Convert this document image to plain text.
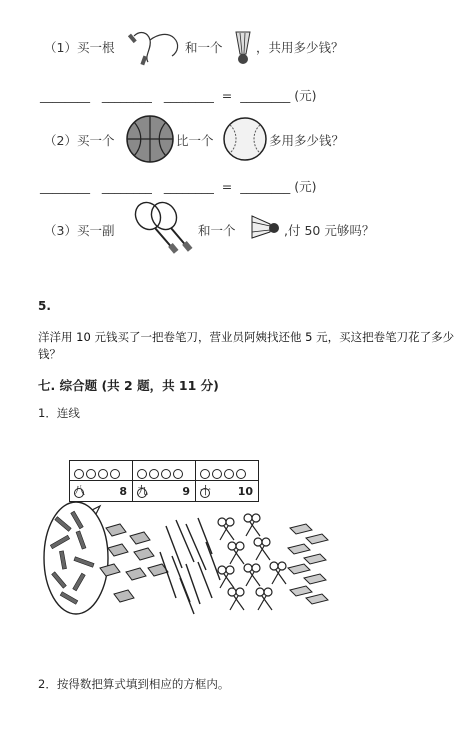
（1）买一根	和一个	，共用多少钱？
________ ________ ________ = ________ (元)
（2）买一个	比一个	多用多少钱？
________ ________ ________ = ________ (元)
（3）买一副	和一个	,付 50 元够吗？
5.
洋洋用 10 元钱买了一把卷笔刀，营业员阿姨找还他 5 元，买这把卷笔刀花了多少钱？
七. 综合题 (共 2 题，共 11 分)
1．连线
八	8 九	9 十 10
2．按得数把算式填到相应的方框内。
